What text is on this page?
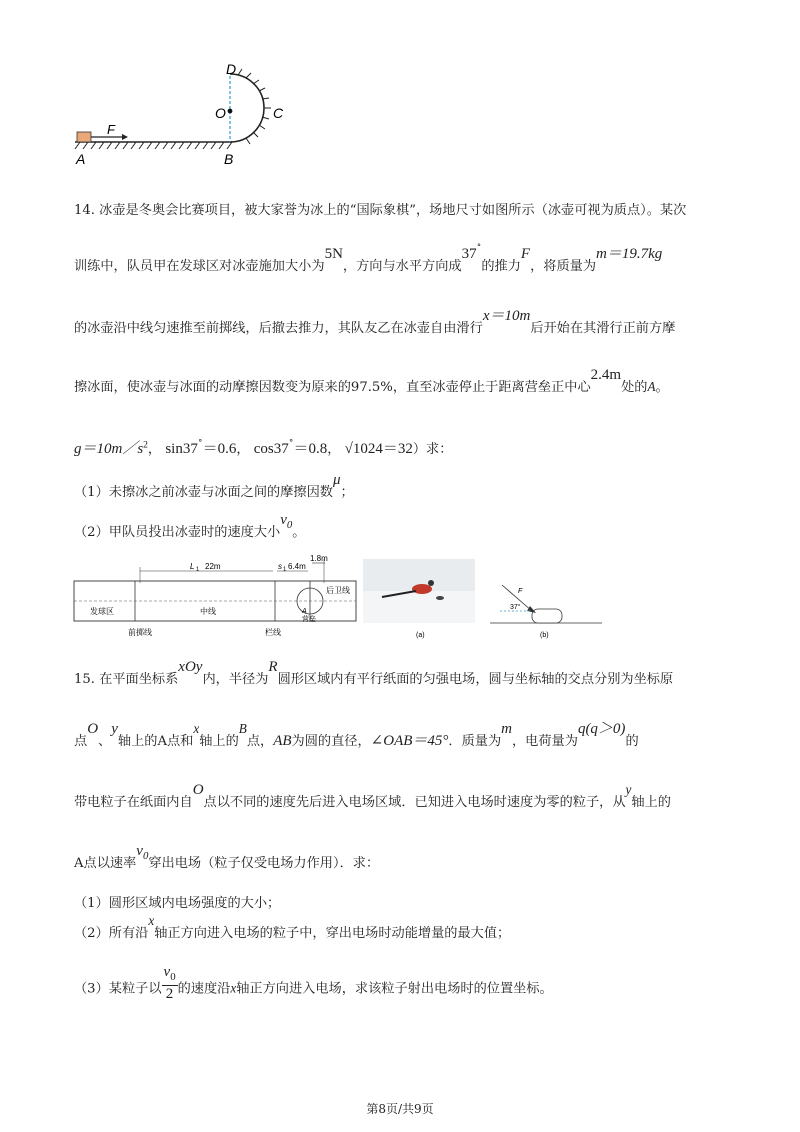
D
O	C
A	B
F
14. 冰壶是冬奥会比赛项目，被大家誉为冰上的“国际象棋”，场地尺寸如图所示（冰壶可视为质点）。某次
训练中，队员甲在发球区对冰壶施加大小为5N，方向与水平方向成37˚的推力F，将质量为m＝19.7kg
的冰壶沿中线匀速推至前掷线，后撤去推力，其队友乙在冰壶自由滑行x＝10m后开始在其滑行正前方摩
擦冰面，使冰壶与冰面的动摩擦因数变为原来的97.5%，直至冰壶停止于距离营垒正中心2.4m处的A。
$g=10m/s^2$， sin37˚＝0.6， cos37˚＝0.8， √1024＝32）求：
（1）未擦冰之前冰壶与冰面之间的摩擦因数μ；
（2）甲队员投出冰壶时的速度大小$v_0$。
L 1 22m	s 1 6.4m
1.8m
后卫线
发球区	中线	A
营垒
前掷线	栏线	(a)
F
37°
(b)
15. 在平面坐标系xOy内，半径为R圆形区域内有平行纸面的匀强电场，圆与坐标轴的交点分别为坐标原
点O、y轴上的A点和x轴上的B点，AB为圆的直径，∠OAB＝45°．质量为m，电荷量为q(q＞0)的
带电粒子在纸面内自O点以不同的速度先后进入电场区域．已知进入电场时速度为零的粒子，从y轴上的
A点以速率$v_0$穿出电场（粒子仅受电场力作用）．求：
（1）圆形区域内电场强度的大小；
（2）所有沿x轴正方向进入电场的粒子中，穿出电场时动能增量的最大值；
（3）某粒子以 $\frac{v_0}{2}$ 的速度沿x轴正方向进入电场，求该粒子射出电场时的位置坐标。
第8页/共9页
